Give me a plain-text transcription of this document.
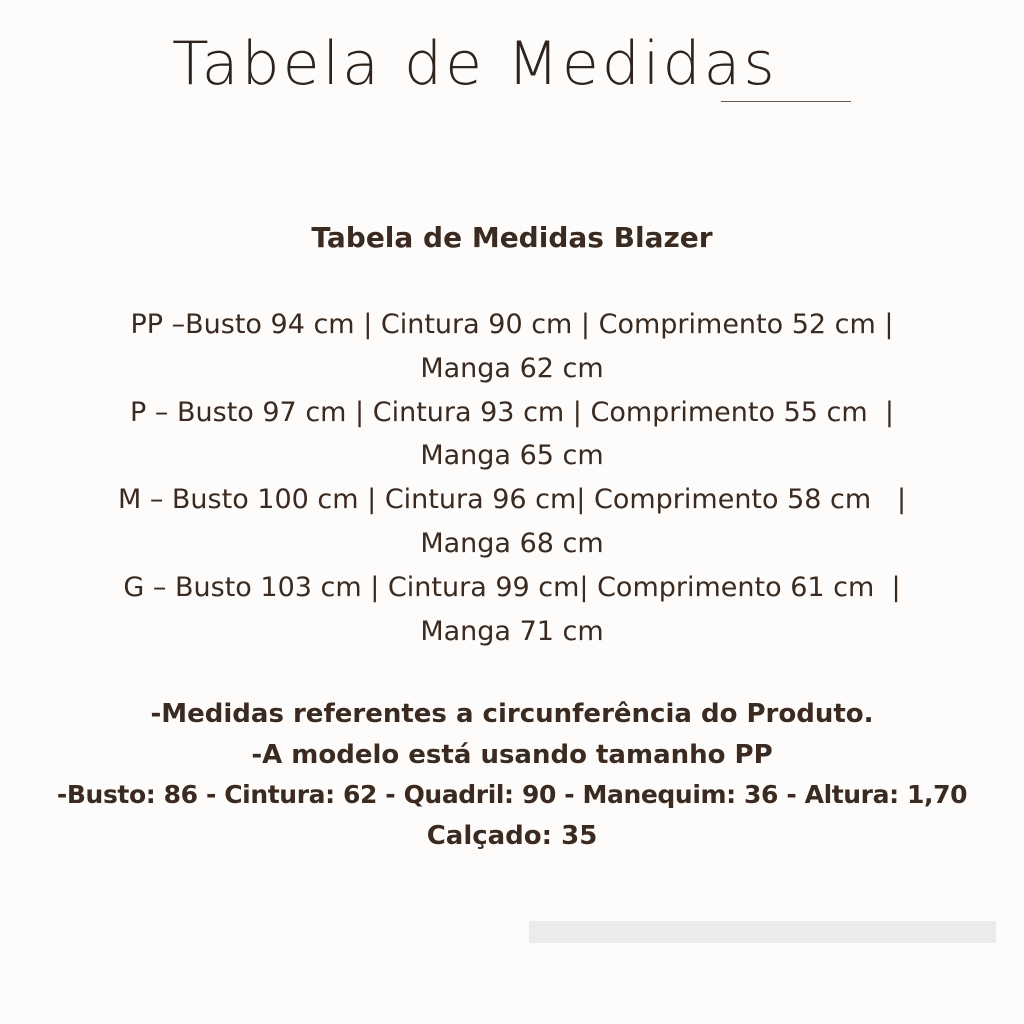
Tabela de Medidas
Tabela de Medidas Blazer
PP –Busto 94 cm | Cintura 90 cm | Comprimento 52 cm |
Manga 62 cm
P – Busto 97 cm | Cintura 93 cm | Comprimento 55 cm  |
Manga 65 cm
M – Busto 100 cm | Cintura 96 cm| Comprimento 58 cm   |
Manga 68 cm
G – Busto 103 cm | Cintura 99 cm| Comprimento 61 cm  |
Manga 71 cm
-Medidas referentes a circunferência do Produto.
-A modelo está usando tamanho PP
-Busto: 86 - Cintura: 62 - Quadril: 90 - Manequim: 36 - Altura: 1,70
Calçado: 35
